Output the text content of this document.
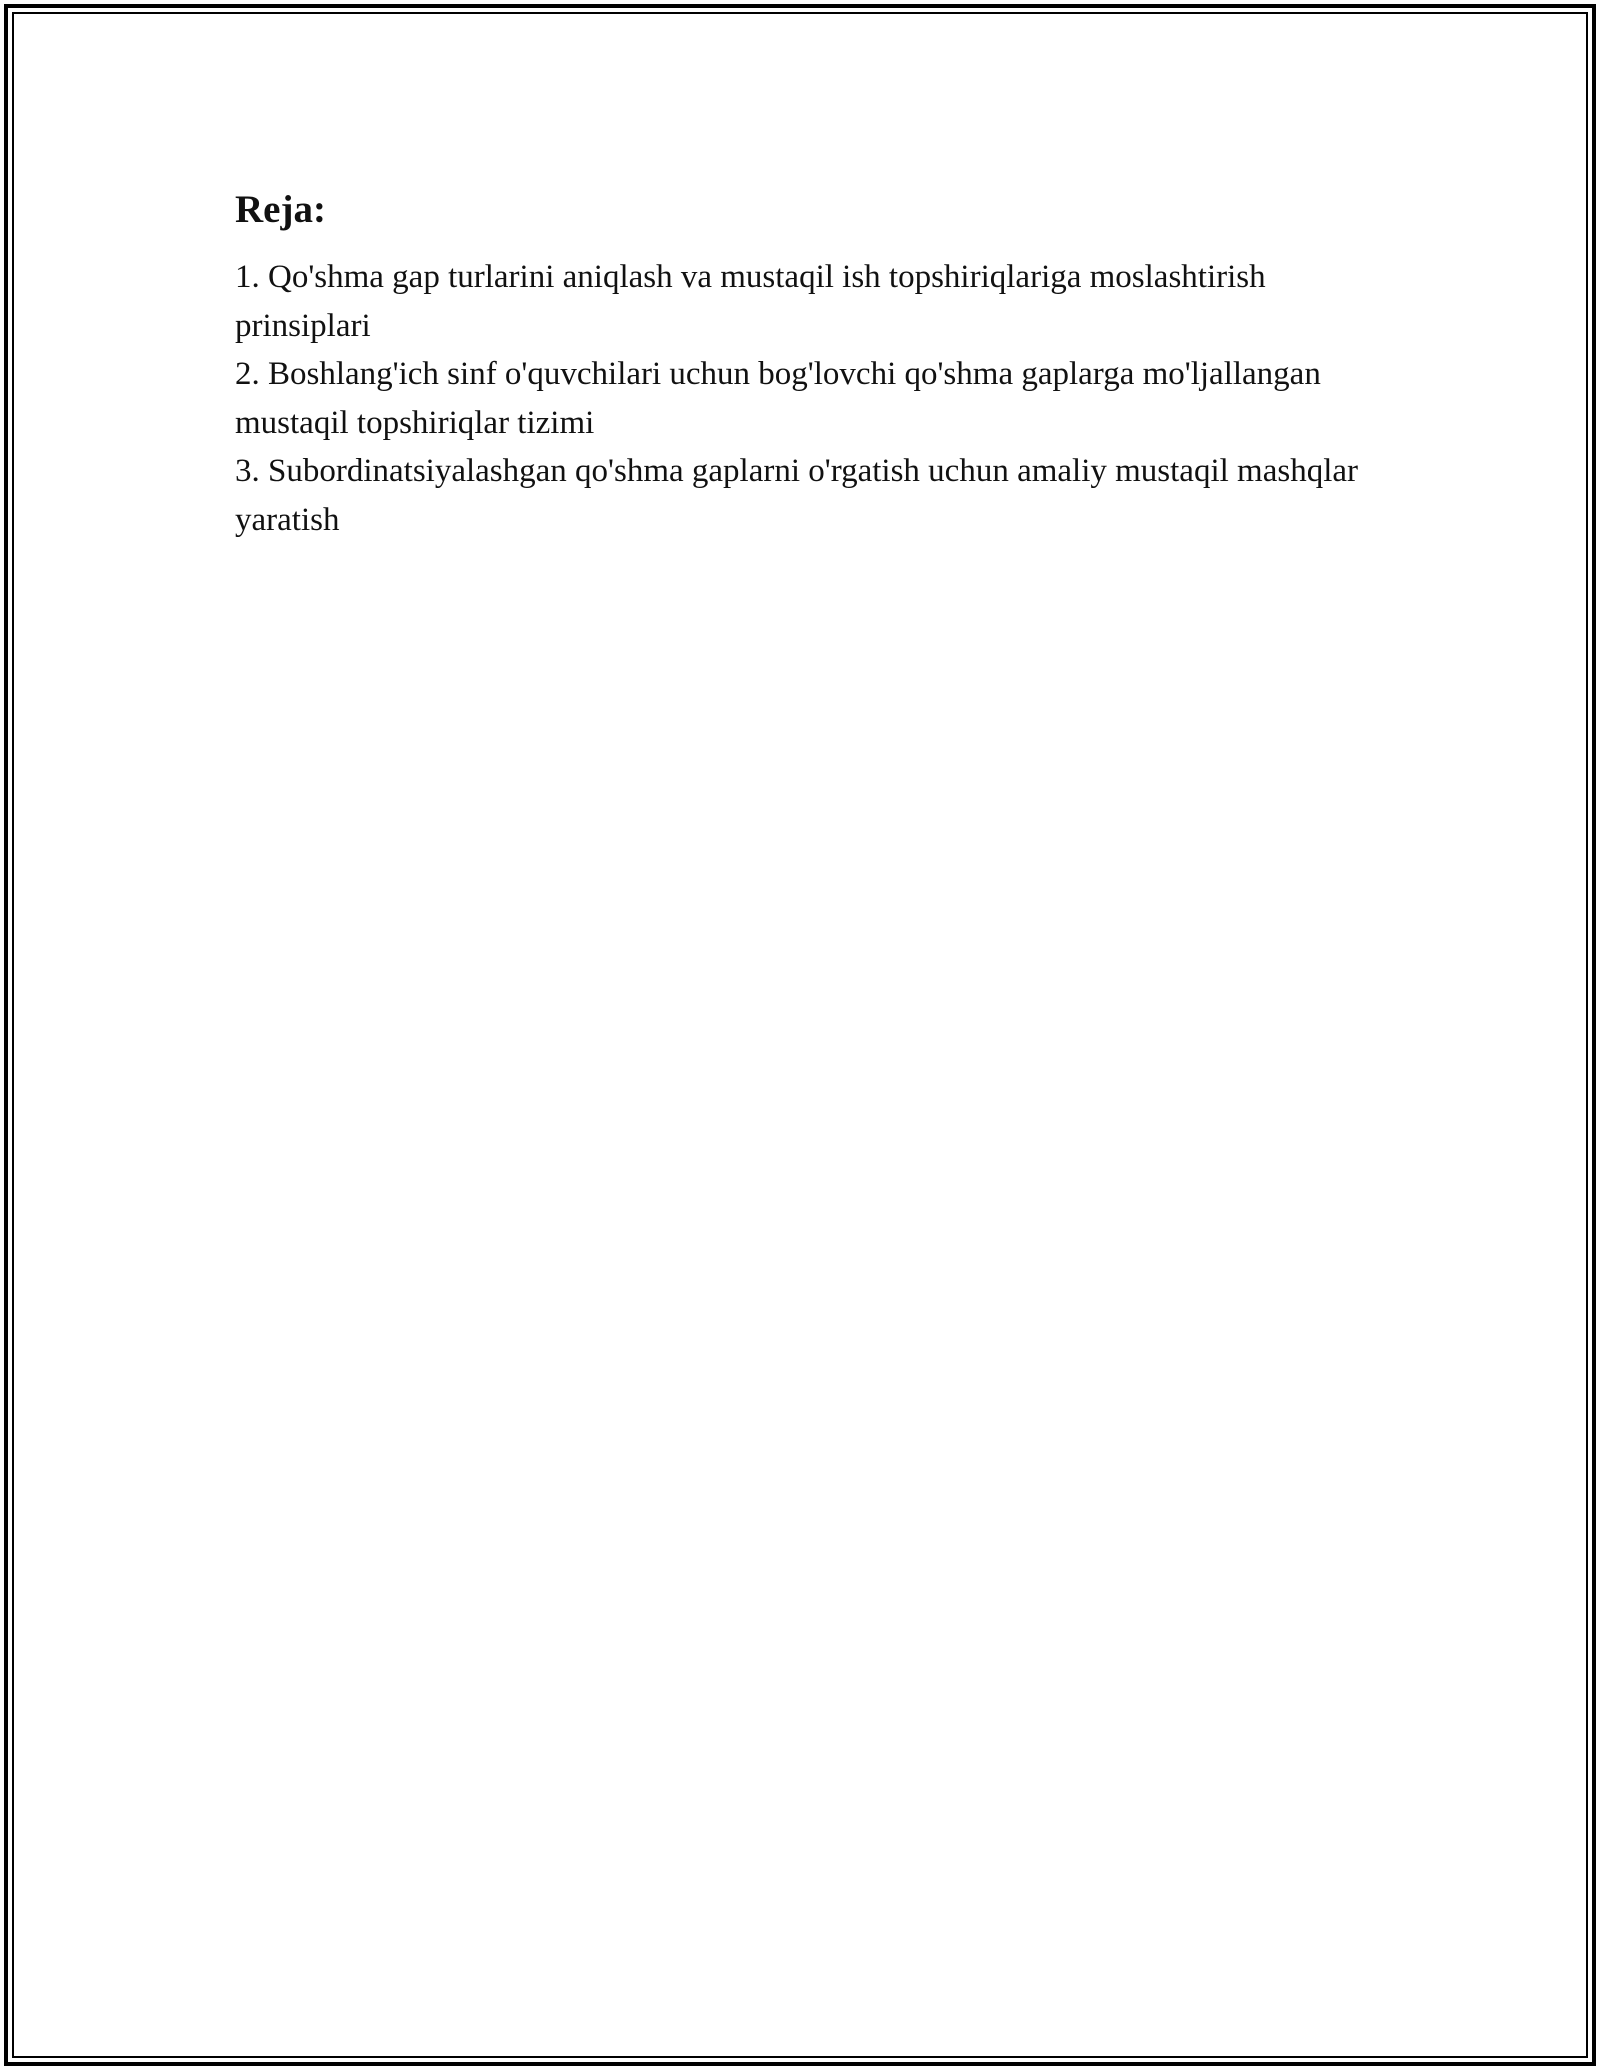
Reja:

1. Qo'shma gap turlarini aniqlash va mustaqil ish topshiriqlariga moslashtirish prinsiplari

2. Boshlang'ich sinf o'quvchilari uchun bog'lovchi qo'shma gaplarga mo'ljallangan mustaqil topshiriqlar tizimi

3. Subordinatsiyalashgan qo'shma gaplarni o'rgatish uchun amaliy mustaqil mashqlar yaratish
